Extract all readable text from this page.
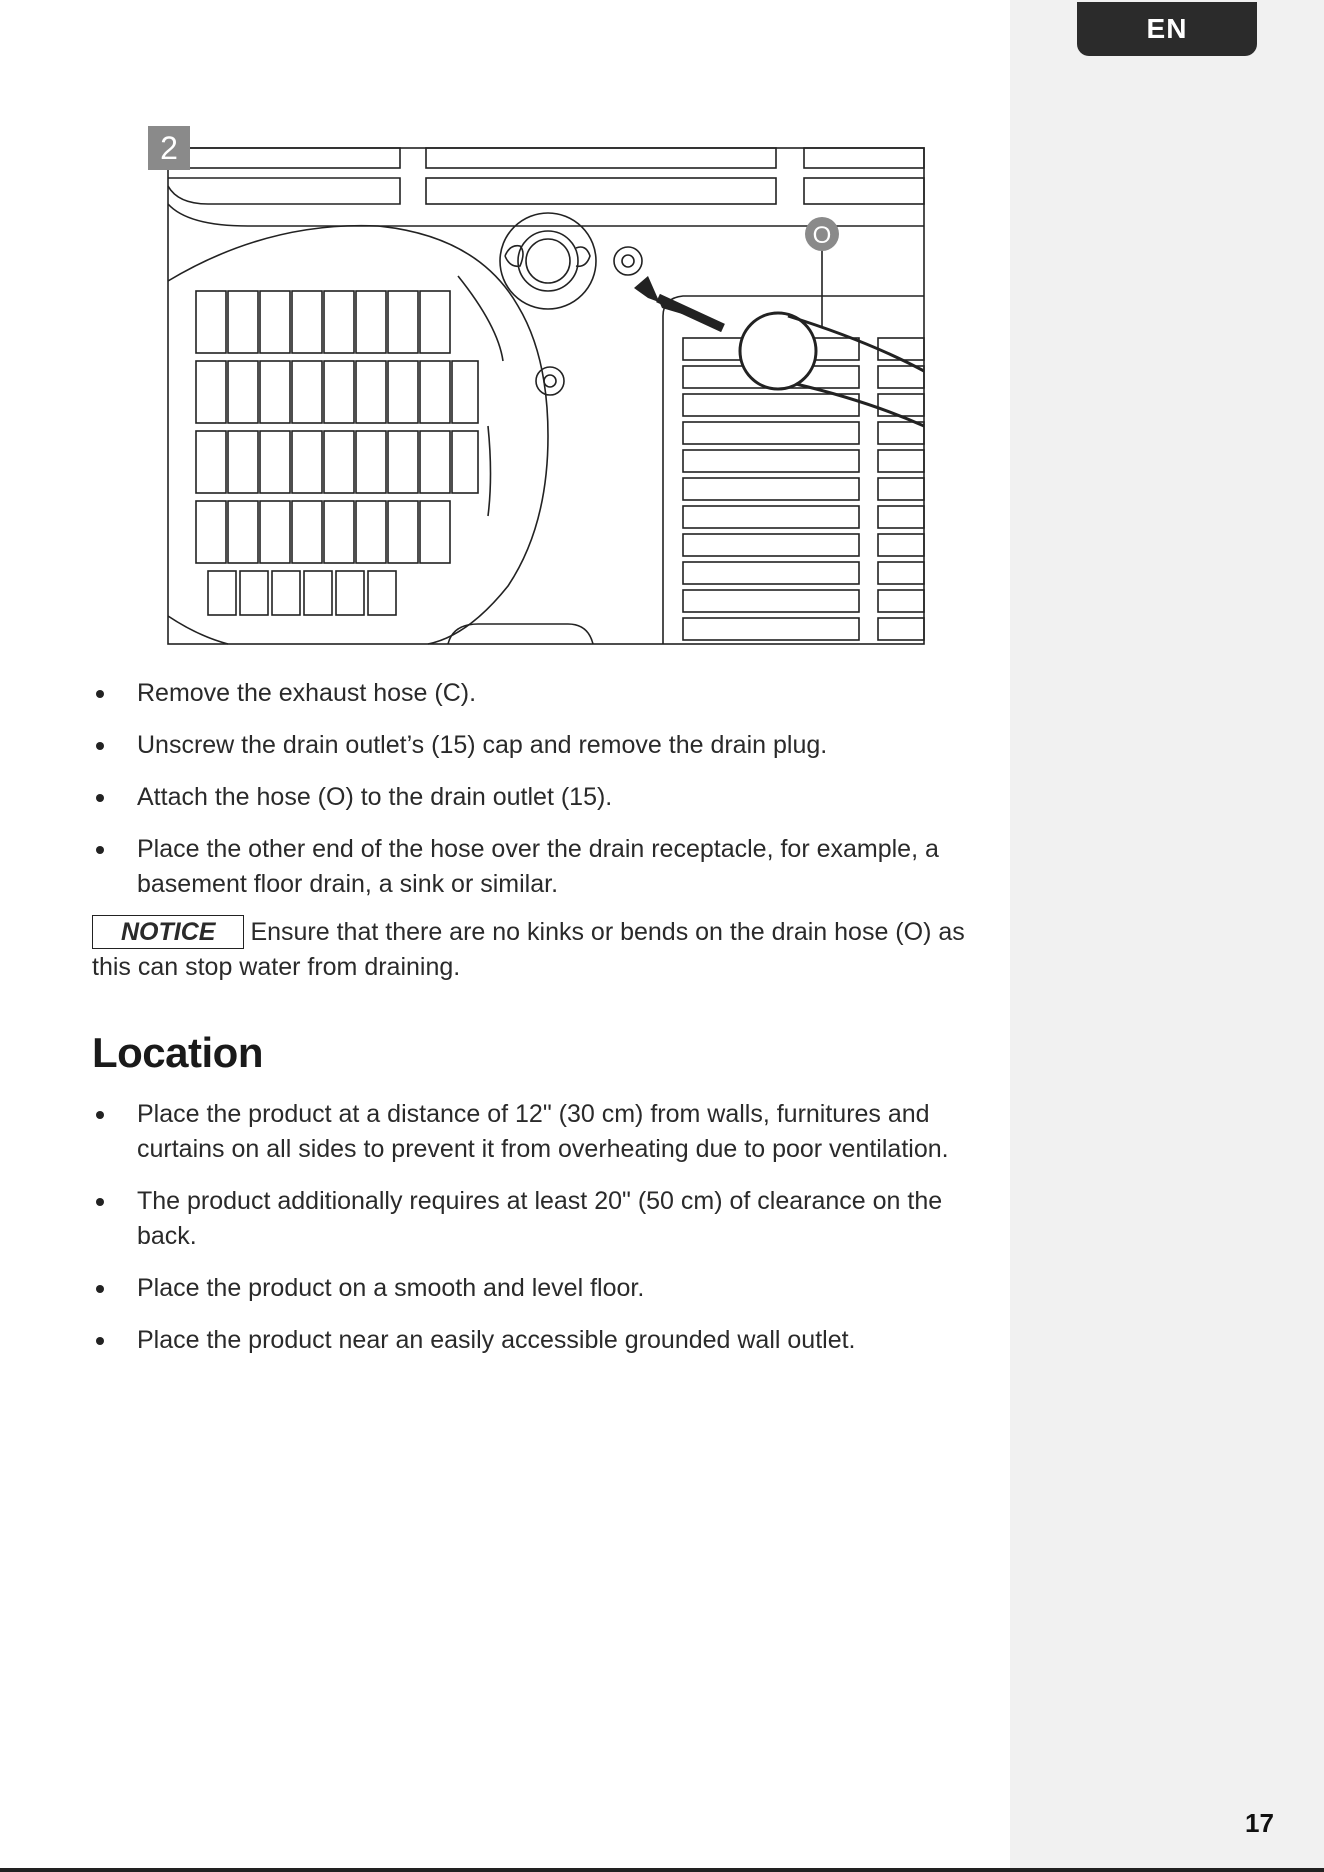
EN
O
2
Remove the exhaust hose (C).
Unscrew the drain outlet’s (15) cap and remove the drain plug.
Attach the hose (O) to the drain outlet (15).
Place the other end of the hose over the drain receptacle, for example, a basement floor drain, a sink or similar.
NOTICE Ensure that there are no kinks or bends on the drain hose (O) as this can stop water from draining.
Location
Place the product at a distance of 12" (30 cm) from walls, furnitures and curtains on all sides to prevent it from overheating due to poor ventilation.
The product additionally requires at least 20" (50 cm) of clearance on the back.
Place the product on a smooth and level floor.
Place the product near an easily accessible grounded wall outlet.
17
